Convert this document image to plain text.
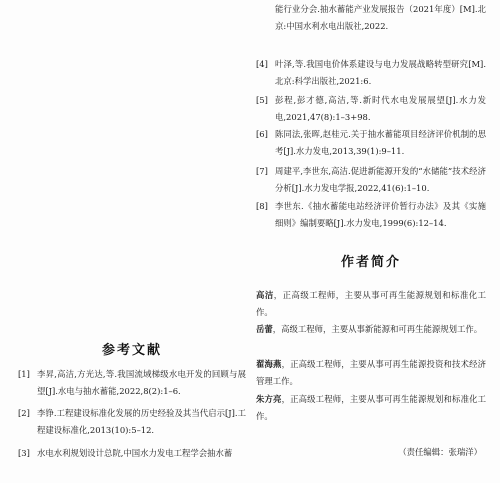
参考文献
[1] 李昇,高洁,方光达,等.我国流域梯级水电开发的回顾与展望[J].水电与抽水蓄能,2022,8(2):1–6.
[2] 李铮.工程建设标准化发展的历史经验及其当代启示[J].工程建设标准化,2013(10):5–12.
[3] 水电水利规划设计总院,中国水力发电工程学会抽水蓄
能行业分会.抽水蓄能产业发展报告（2021年度）[M].北京:中国水利水电出版社,2022.
[4] 叶泽,等.我国电价体系建设与电力发展战略转型研究[M].北京:科学出版社,2021:6.
[5] 彭程,彭才德,高洁,等.新时代水电发展展望[J].水力发电,2021,47(8):1–3+98.
[6] 陈同法,张晖,赵桂元.关于抽水蓄能项目经济评价机制的思考[J].水力发电,2013,39(1):9–11.
[7] 周建平,李世东,高洁.促进新能源开发的“水储能”技术经济分析[J].水力发电学报,2022,41(6):1–10.
[8] 李世东.《抽水蓄能电站经济评价暂行办法》及其《实施细则》编制要略[J].水力发电,1999(6):12–14.
作者简介
高洁，正高级工程师，主要从事可再生能源规划和标准化工作。
岳蕾，高级工程师，主要从事新能源和可再生能源规划工作。
翟海燕，正高级工程师，主要从事可再生能源投资和技术经济管理工作。
朱方亮，正高级工程师，主要从事可再生能源规划和标准化工作。
（责任编辑：张瑞洋）
